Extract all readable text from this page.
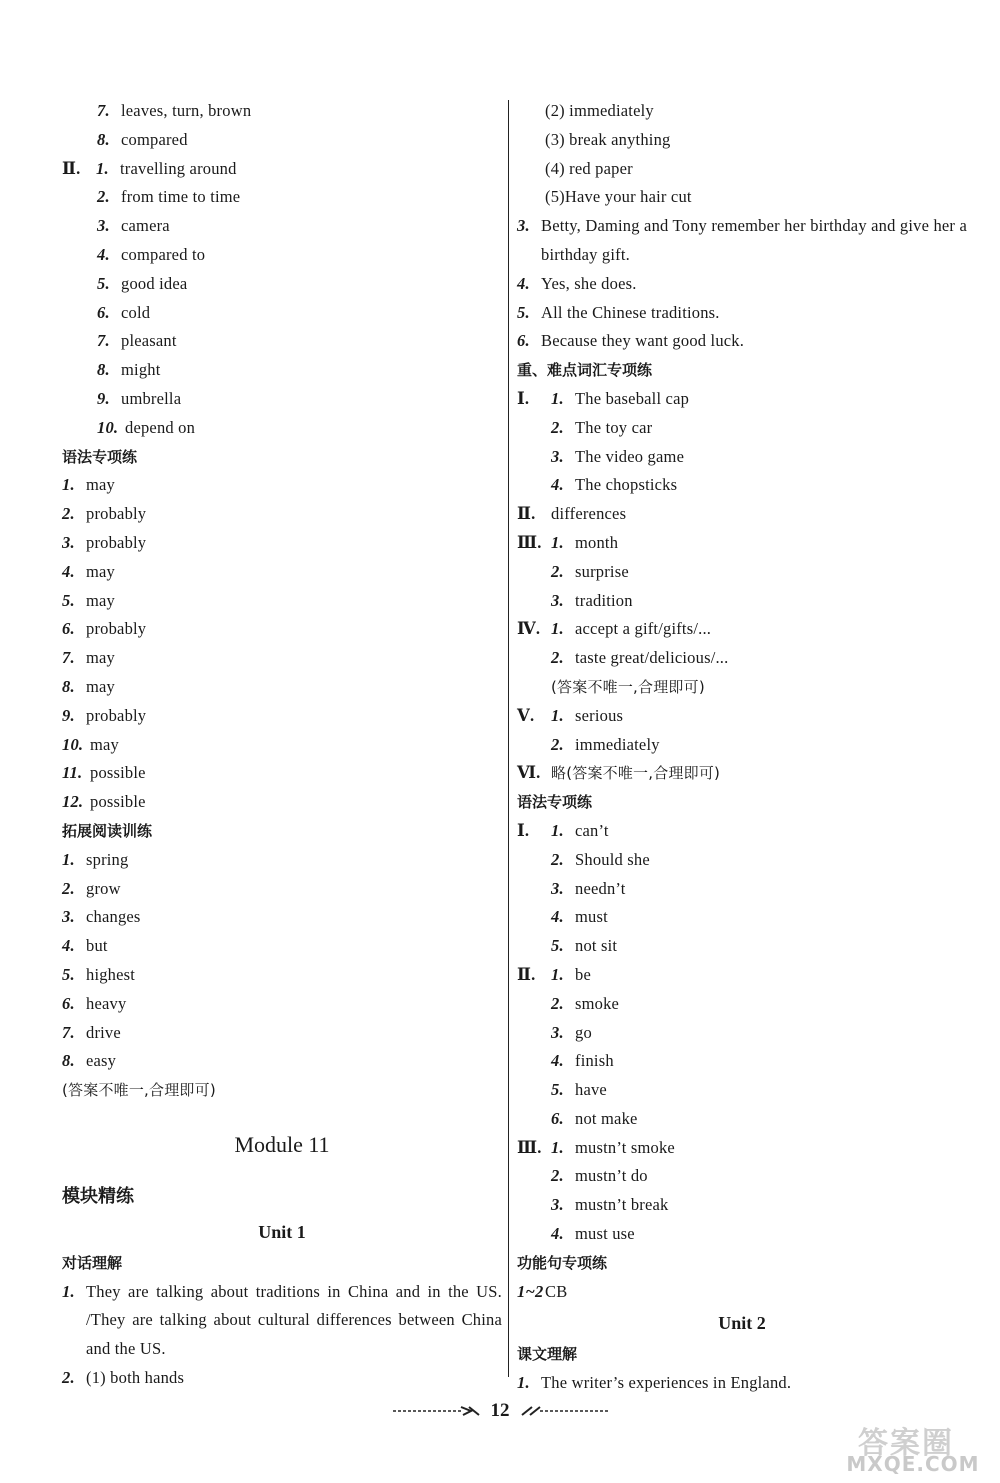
7. leaves, turn, brown
8. compared
Ⅱ. 1. travelling around
2. from time to time
3. camera
4. compared to
5. good idea
6. cold
7. pleasant
8. might
9. umbrella
10. depend on
语法专项练
1. may
2. probably
3. probably
4. may
5. may
6. probably
7. may
8. may
9. probably
10. may
11. possible
12. possible
拓展阅读训练
1. spring
2. grow
3. changes
4. but
5. highest
6. heavy
7. drive
8. easy
(答案不唯一,合理即可)
Module 11
模块精练
Unit 1
对话理解
1. They are talking about traditions in China and in the US. /They are talking about cultural differences between China and the US.
2. (1) both hands
(2) immediately
(3) break anything
(4) red paper
(5)Have your hair cut
3. Betty, Daming and Tony remember her birthday and give her a birthday gift.
4. Yes, she does.
5. All the Chinese traditions.
6. Because they want good luck.
重、难点词汇专项练
Ⅰ. 1. The baseball cap
2. The toy car
3. The video game
4. The chopsticks
Ⅱ. differences
Ⅲ. 1. month
2. surprise
3. tradition
Ⅳ. 1. accept a gift/gifts/...
2. taste great/delicious/...
(答案不唯一,合理即可)
Ⅴ. 1. serious
2. immediately
Ⅵ. 略(答案不唯一,合理即可)
语法专项练
Ⅰ. 1. can’t
2. Should she
3. needn’t
4. must
5. not sit
Ⅱ. 1. be
2. smoke
3. go
4. finish
5. have
6. not make
Ⅲ. 1. mustn’t smoke
2. mustn’t do
3. mustn’t break
4. must use
功能句专项练
1~2CB
Unit 2
课文理解
1. The writer’s experiences in England.
12
答案圈
MXQE.COM
